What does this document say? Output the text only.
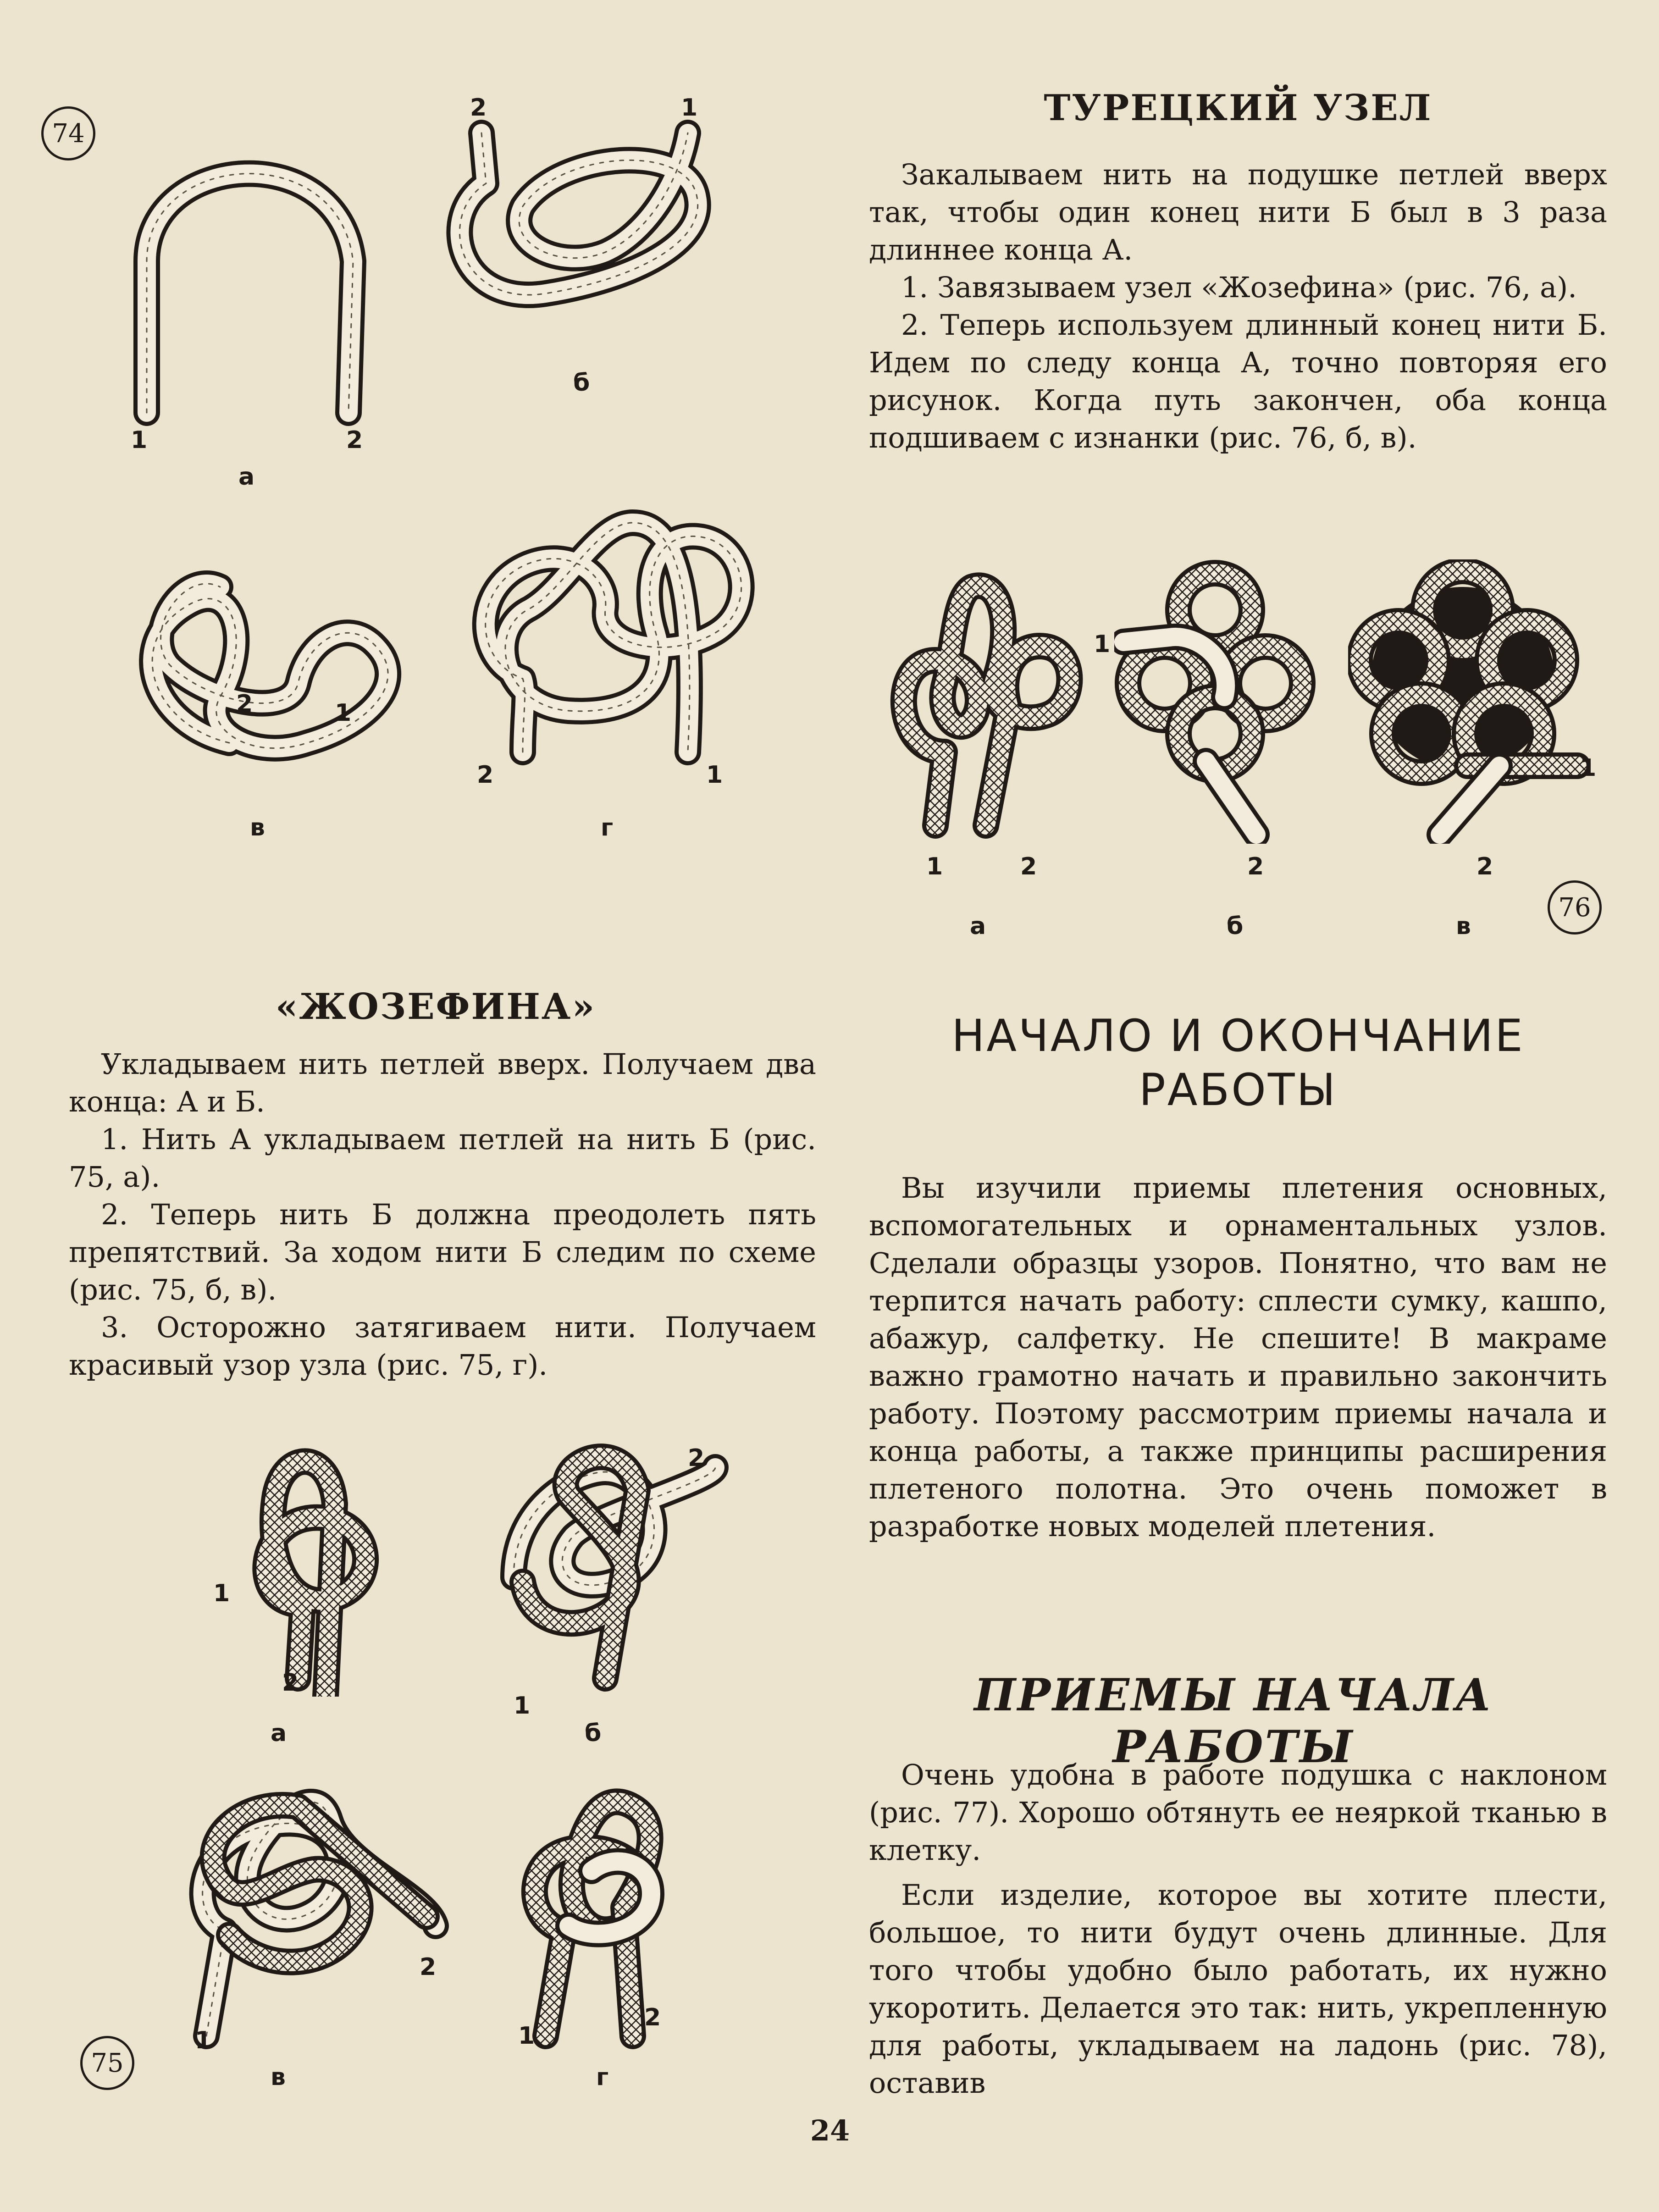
74
1	2
а
2	1
б
2	1
в
2	1
г
«ЖОЗЕФИНА»

Укладываем нить петлей вверх. Получаем два конца: А и Б.

1. Нить А укладываем петлей на нить Б (рис. 75, а).

2. Теперь нить Б должна преодолеть пять препятствий. За ходом нити Б следим по схеме (рис. 75, б, в).

3. Осторожно затягиваем нити. Получаем красивый узор узла (рис. 75, г).

1
2
а
2
1
б
1
2
в
1
2
г
75
ТУРЕЦКИЙ УЗЕЛ

Закалываем нить на подушке петлей вверх так, чтобы один конец нити Б был в 3 раза длиннее конца А.

1. Завязываем узел «Жозефина» (рис. 76, а).

2. Теперь используем длинный конец нити Б. Идем по следу конца А, точно повторяя его рисунок. Когда путь закончен, оба конца подшиваем с изнанки (рис. 76, б, в).

1	2
а
1
2
б
1
2
в
76

НАЧАЛО И ОКОНЧАНИЕ

РАБОТЫ

Вы изучили приемы плетения основных, вспомогательных и орнаментальных узлов. Сделали образцы узоров. Понятно, что вам не терпится начать работу: сплести сумку, кашпо, абажур, салфетку. Не спешите! В макраме важно грамотно начать и правильно закончить работу. Поэтому рассмотрим приемы начала и конца работы, а также принципы расширения плетеного полотна. Это очень поможет в разработке новых моделей плетения.

ПРИЕМЫ НАЧАЛА РАБОТЫ

Очень удобна в работе подушка с наклоном (рис. 77). Хорошо обтянуть ее неяркой тканью в клетку.

Если изделие, которое вы хотите плести, большое, то нити будут очень длинные. Для того чтобы удобно было работать, их нужно укоротить. Делается это так: нить, укрепленную для работы, укладываем на ладонь (рис. 78), оставив

24
